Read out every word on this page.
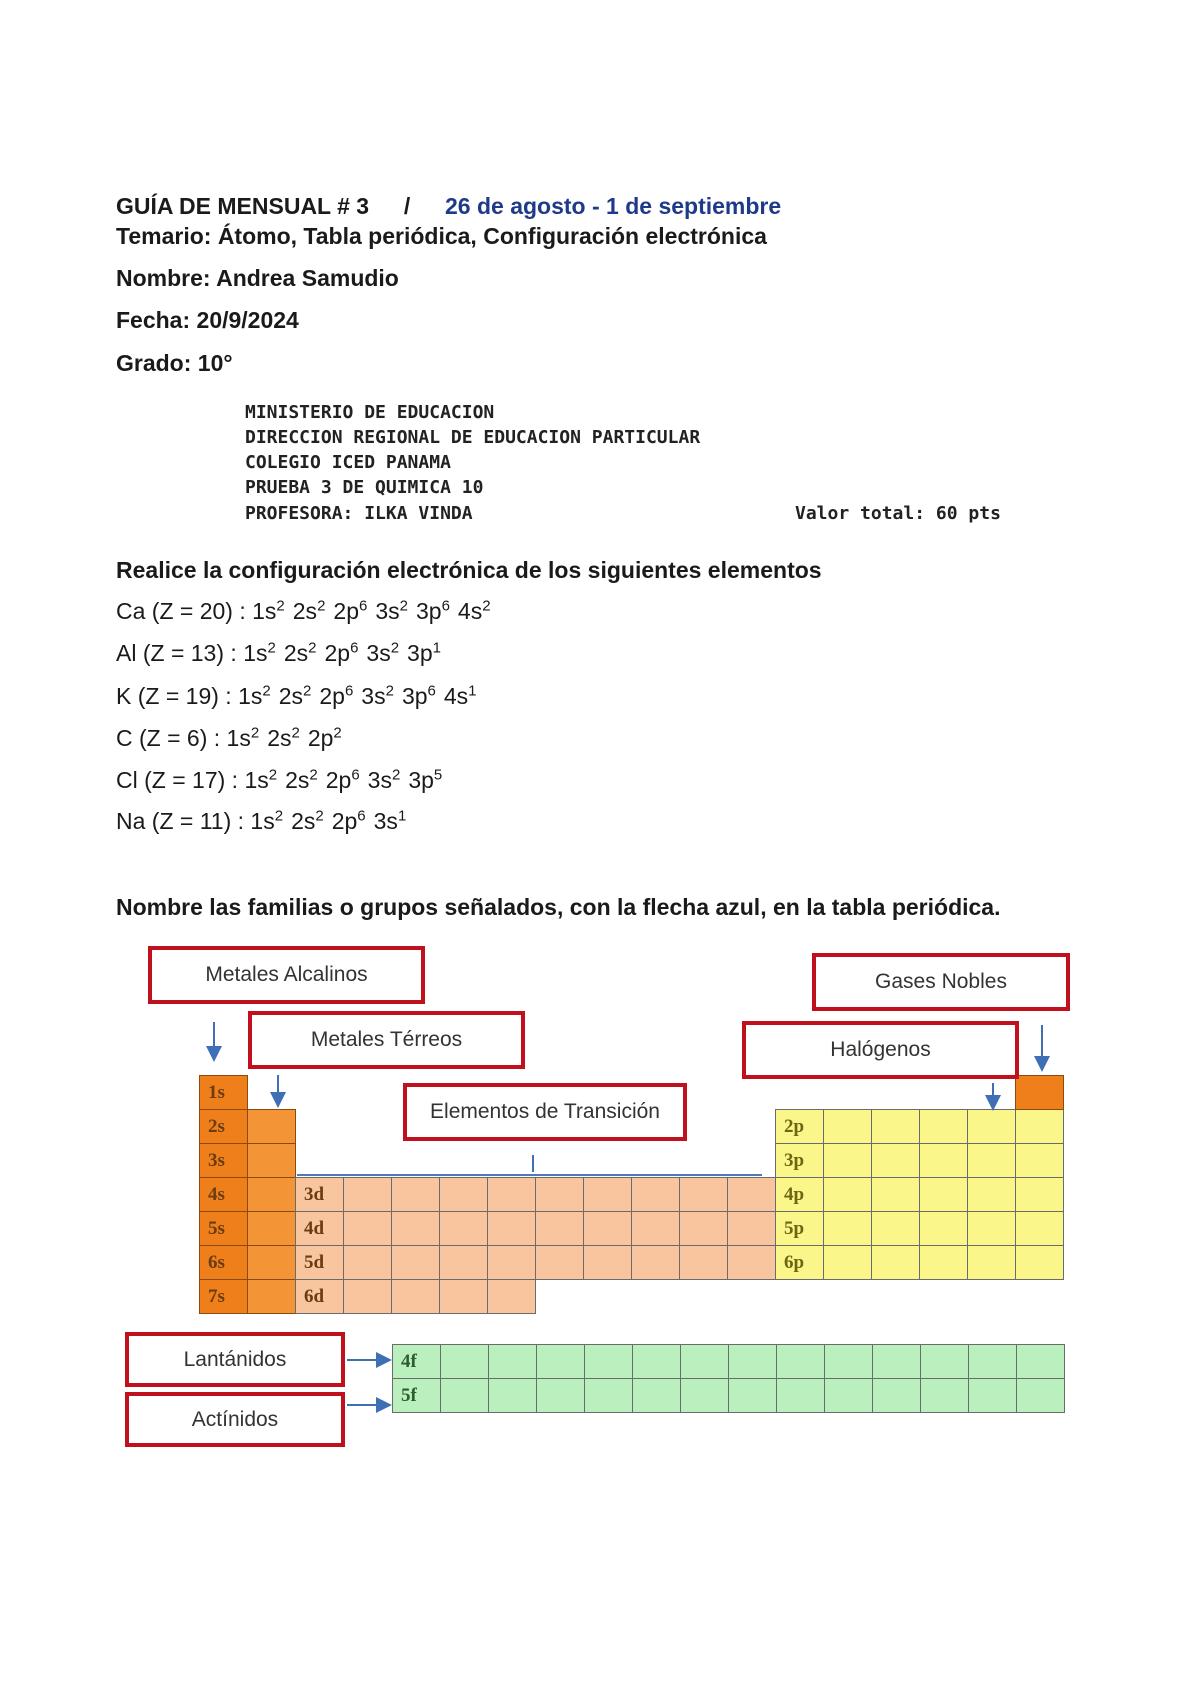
GUÍA DE MENSUAL # 3 / 26 de agosto - 1 de septiembre
Temario: Átomo, Tabla periódica, Configuración electrónica
Nombre: Andrea Samudio
Fecha: 20/9/2024
Grado: 10°
MINISTERIO DE EDUCACION
DIRECCION REGIONAL DE EDUCACION PARTICULAR
COLEGIO ICED PANAMA
PRUEBA 3 DE QUIMICA 10
PROFESORA: ILKA VINDA	Valor total: 60 pts
Realice la configuración electrónica de los siguientes elementos
Ca (Z = 20) : $1s^2$ $2s^2$ $2p^6$ $3s^2$ $3p^6$ $4s^2$
Al (Z = 13) : $1s^2$ $2s^2$ $2p^6$ $3s^2$ $3p^1$
K (Z = 19) : $1s^2$ $2s^2$ $2p^6$ $3s^2$ $3p^6$ $4s^1$
C (Z = 6) : $1s^2$ $2s^2$ $2p^2$
Cl (Z = 17) : $1s^2$ $2s^2$ $2p^6$ $3s^2$ $3p^5$
Na (Z = 11) : $1s^2$ $2s^2$ $2p^6$ $3s^1$
Nombre las familias o grupos señalados, con la flecha azul, en la tabla periódica.
1s
2s
3s
4s
5s
6s
7s
3d
4d
5d
6d
2p
3p
4p
5p
6p
4f
5f
Metales Alcalinos
Metales Térreos
Elementos de Transición
Gases Nobles
Halógenos
Lantánidos
Actínidos
